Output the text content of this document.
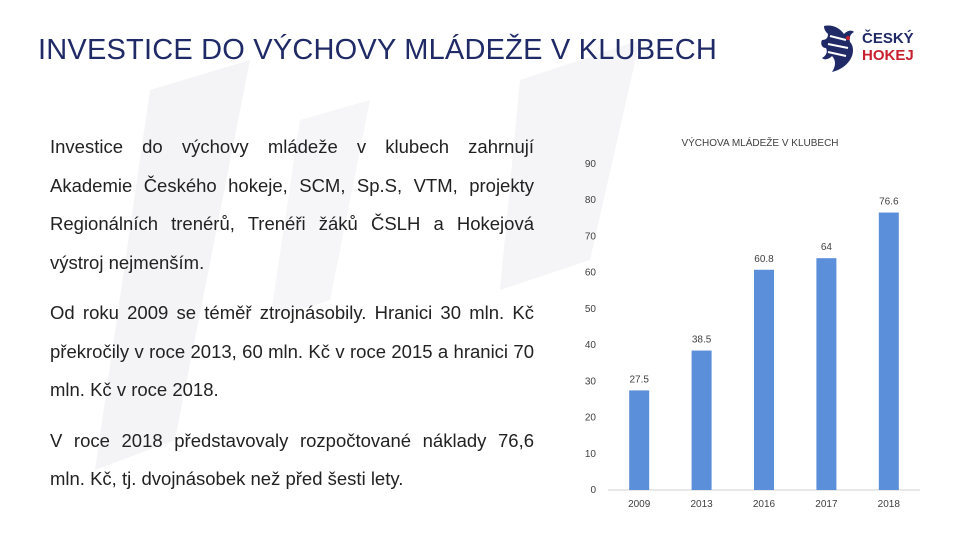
INVESTICE DO VÝCHOVY MLÁDEŽE V KLUBECH	ČESKÝ
HOKEJ

Investice do výchovy mládeže v klubech zahrnují Akademie Českého hokeje, SCM, Sp.S, VTM, projekty Regionálních trenérů, Trenéři žáků ČSLH a Hokejová výstroj nejmenším.

Od roku 2009 se téměř ztrojnásobily. Hranici 30 mln. Kč překročily v roce 2013, 60 mln. Kč v roce 2015 a hranici 70 mln. Kč v roce 2018.

V roce 2018 představovaly rozpočtované náklady 76,6 mln. Kč, tj. dvojnásobek než před šesti lety.

VÝCHOVA MLÁDEŽE V KLUBECH
0
10
20
30
40
50
60
70
80
90
27.5
38.5
60.8
64
76.6
2009	2013	2016	2017	2018
